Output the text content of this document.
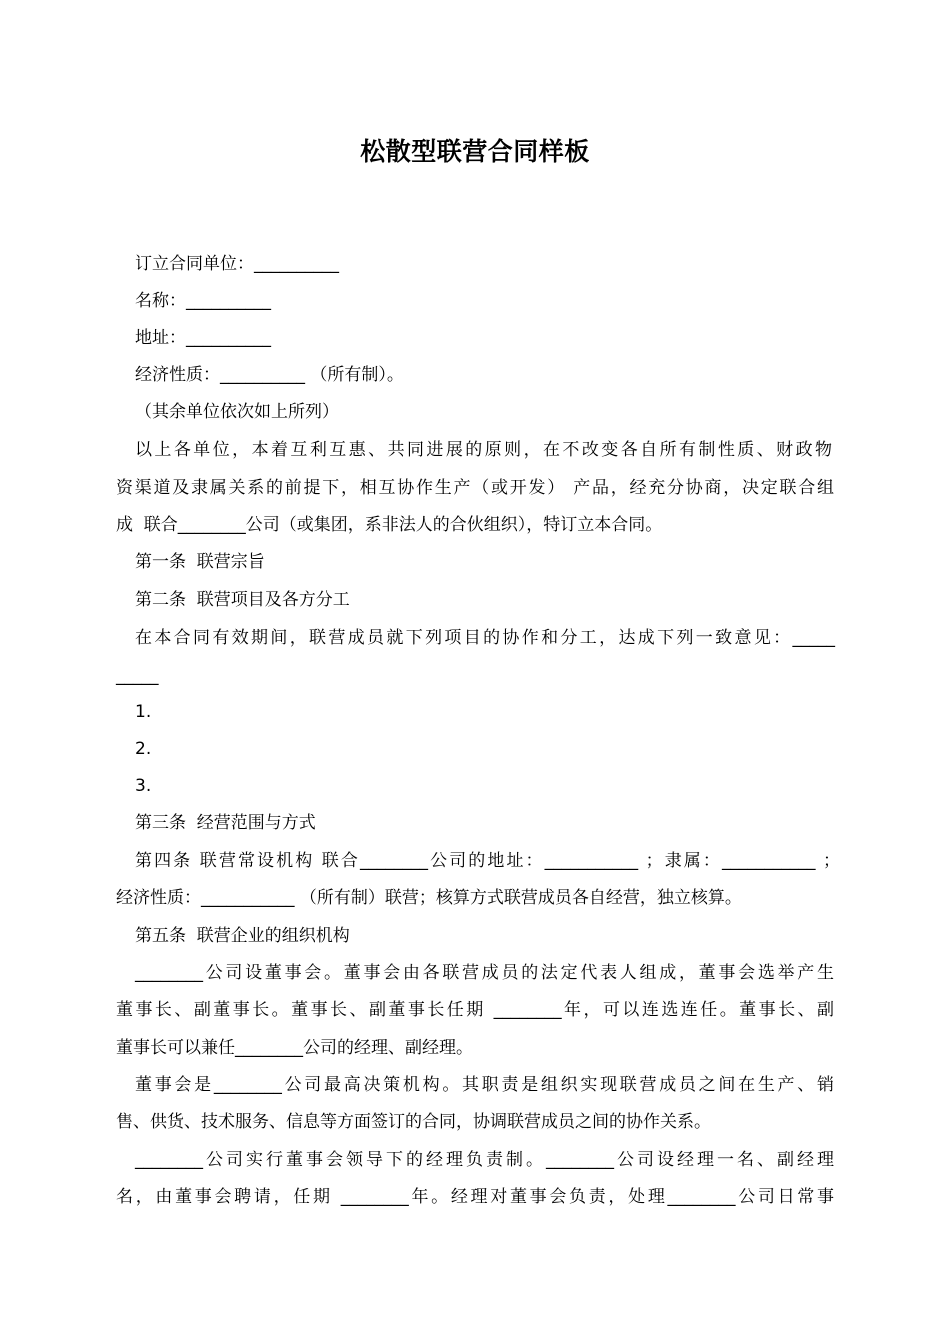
松散型联营合同样板
订立合同单位：__________
名称：__________
地址：__________
经济性质：__________ （所有制）。
（其余单位依次如上所列）
以上各单位，本着互利互惠、共同进展的原则，在不改变各自所有制性质、财政物
资渠道及隶属关系的前提下，相互协作生产（或开发） 产品，经充分协商，决定联合组
成  联合________公司（或集团，系非法人的合伙组织），特订立本合同。
第一条  联营宗旨
第二条  联营项目及各方分工
在本合同有效期间，联营成员就下列项目的协作和分工，达成下列一致意见：_____
_____
1.
2.
3.
第三条  经营范围与方式
第四条 联营常设机构 联合________公司的地址：___________ ；隶属：___________ ；
经济性质：___________ （所有制）联营；核算方式联营成员各自经营，独立核算。
第五条  联营企业的组织机构
________公司设董事会。董事会由各联营成员的法定代表人组成，董事会选举产生
董事长、副董事长。董事长、副董事长任期 ________年，可以连选连任。董事长、副
董事长可以兼任________公司的经理、副经理。
董事会是________公司最高决策机构。其职责是组织实现联营成员之间在生产、销
售、供货、技术服务、信息等方面签订的合同，协调联营成员之间的协作关系。
________公司实行董事会领导下的经理负责制。________公司设经理一名、副经理
名，由董事会聘请，任期 ________年。经理对董事会负责，处理________公司日常事
